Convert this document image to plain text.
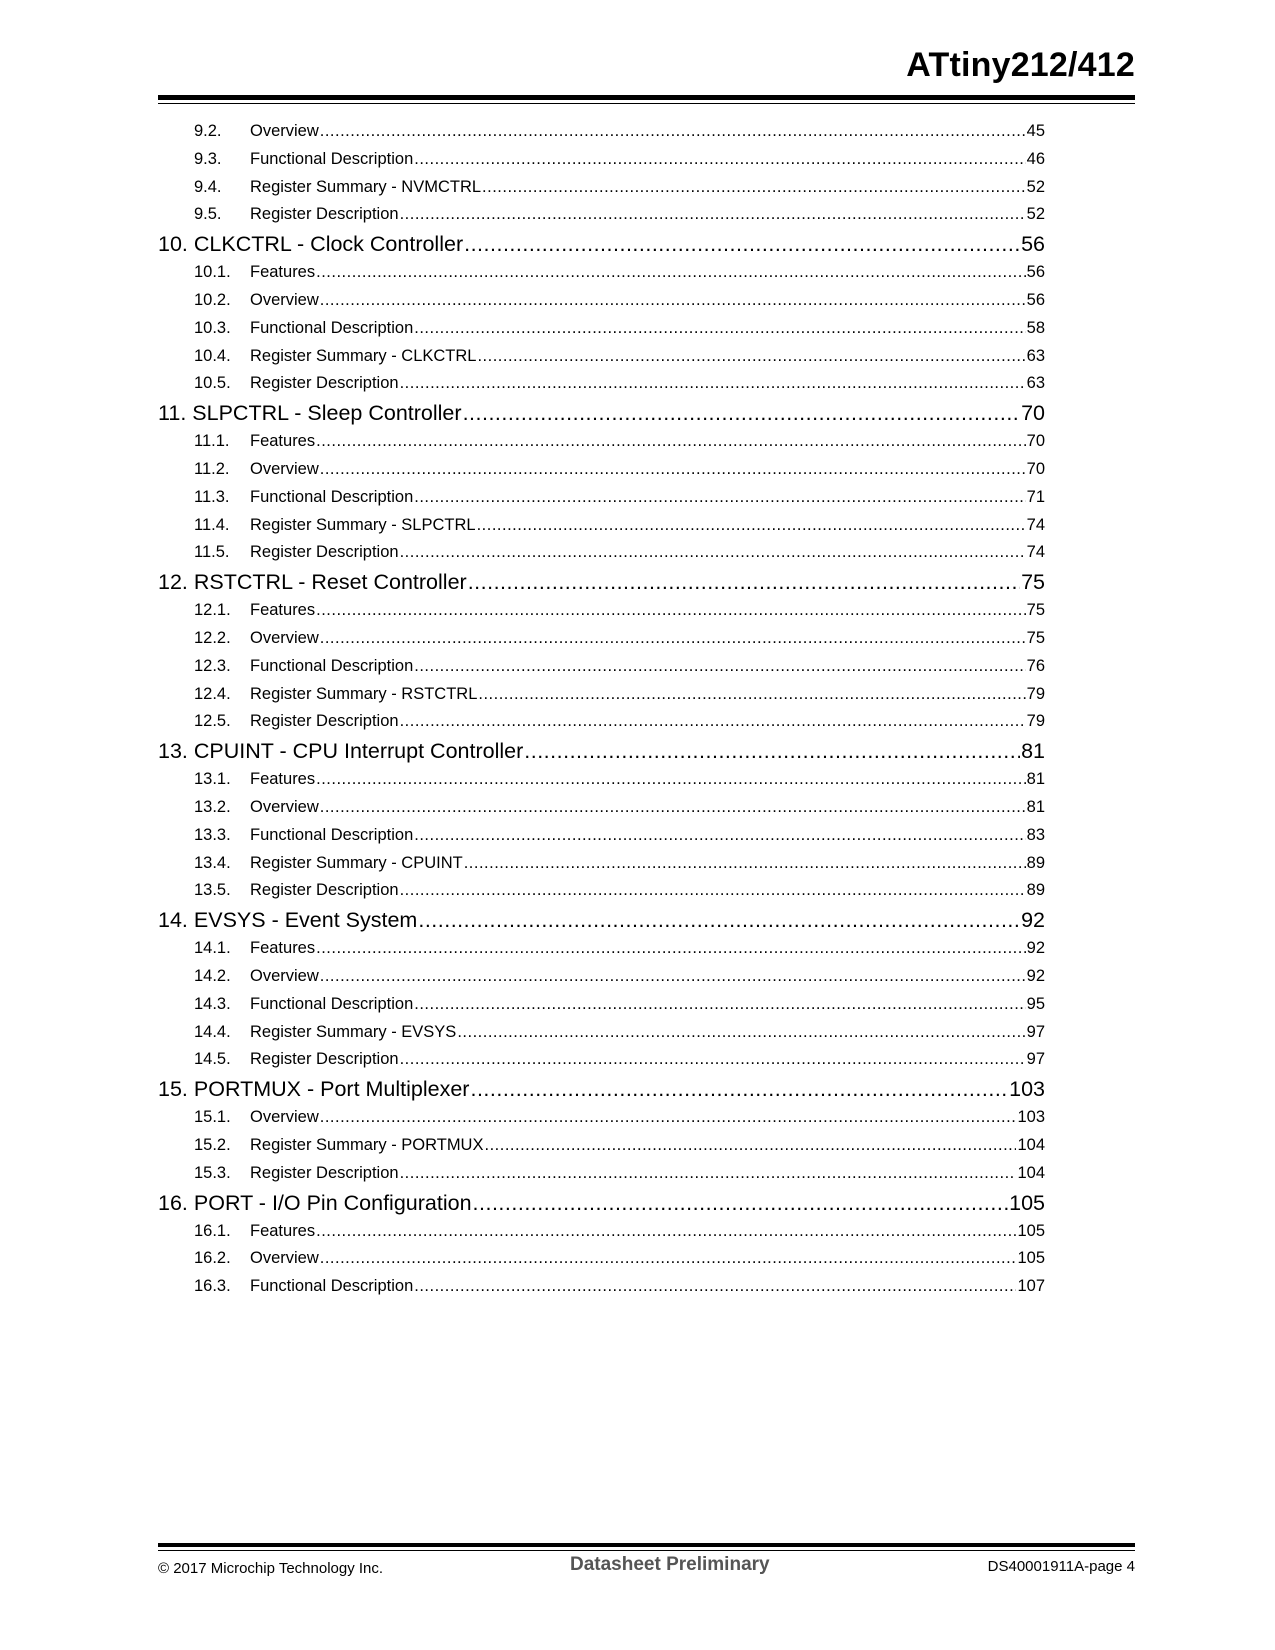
ATtiny212/412
9.2.	Overview .....	45
9.3.	Functional Description .....	46
9.4.	Register Summary - NVMCTRL .....	52
9.5.	Register Description .....	52
10. CLKCTRL - Clock Controller .....	56
10.1.	Features .....	56
10.2.	Overview .....	56
10.3.	Functional Description .....	58
10.4.	Register Summary - CLKCTRL .....	63
10.5.	Register Description .....	63
11. SLPCTRL - Sleep Controller .....	70
11.1.	Features .....	70
11.2.	Overview .....	70
11.3.	Functional Description .....	71
11.4.	Register Summary - SLPCTRL .....	74
11.5.	Register Description .....	74
12. RSTCTRL - Reset Controller .....	75
12.1.	Features .....	75
12.2.	Overview .....	75
12.3.	Functional Description .....	76
12.4.	Register Summary - RSTCTRL .....	79
12.5.	Register Description .....	79
13. CPUINT - CPU Interrupt Controller .....	81
13.1.	Features .....	81
13.2.	Overview .....	81
13.3.	Functional Description .....	83
13.4.	Register Summary - CPUINT .....	89
13.5.	Register Description .....	89
14. EVSYS - Event System .....	92
14.1.	Features .....	92
14.2.	Overview .....	92
14.3.	Functional Description .....	95
14.4.	Register Summary - EVSYS .....	97
14.5.	Register Description .....	97
15. PORTMUX - Port Multiplexer .....	103
15.1.	Overview .....	103
15.2.	Register Summary - PORTMUX .....	104
15.3.	Register Description .....	104
16. PORT - I/O Pin Configuration .....	105
16.1.	Features .....	105
16.2.	Overview .....	105
16.3.	Functional Description .....	107
© 2017 Microchip Technology Inc.	Datasheet Preliminary	DS40001911A-page 4
